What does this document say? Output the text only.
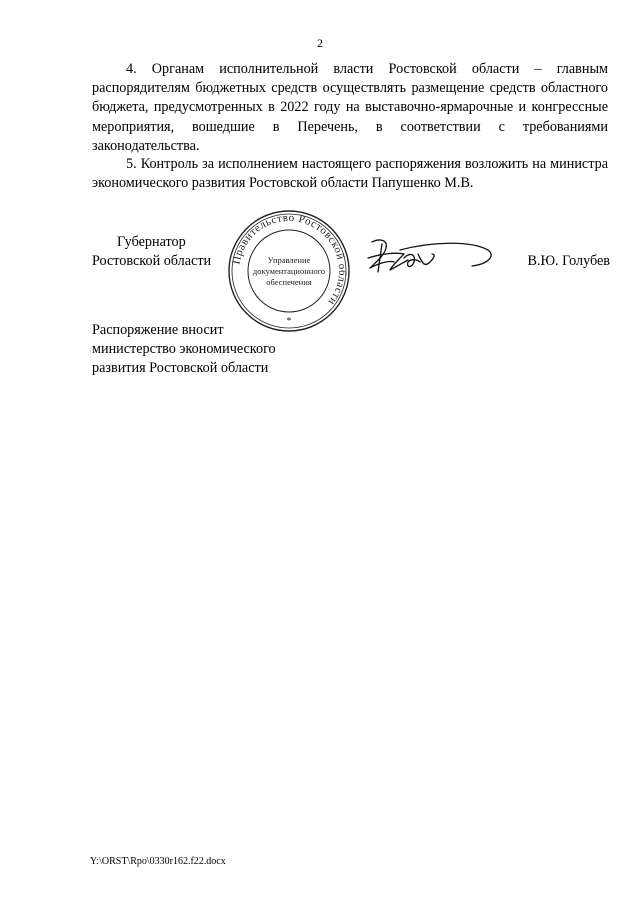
2

4. Органам исполнительной власти Ростовской области – главным распорядителям бюджетных средств осуществлять размещение средств областного бюджета, предусмотренных в 2022 году на выставочно-ярмарочные и конгрессные мероприятия, вошедшие в Перечень, в соответствии с требованиями законодательства.

5. Контроль за исполнением настоящего распоряжения возложить на министра экономического развития Ростовской области Папушенко М.В.

Губернатор
Ростовской области	Правительство Ростовской области
Управление
документационного
обеспечения
*
В.Ю. Голубев
Распоряжение вносит
министерство экономического
развития Ростовской области
Y:\ORST\Rpo\0330r162.f22.docx
